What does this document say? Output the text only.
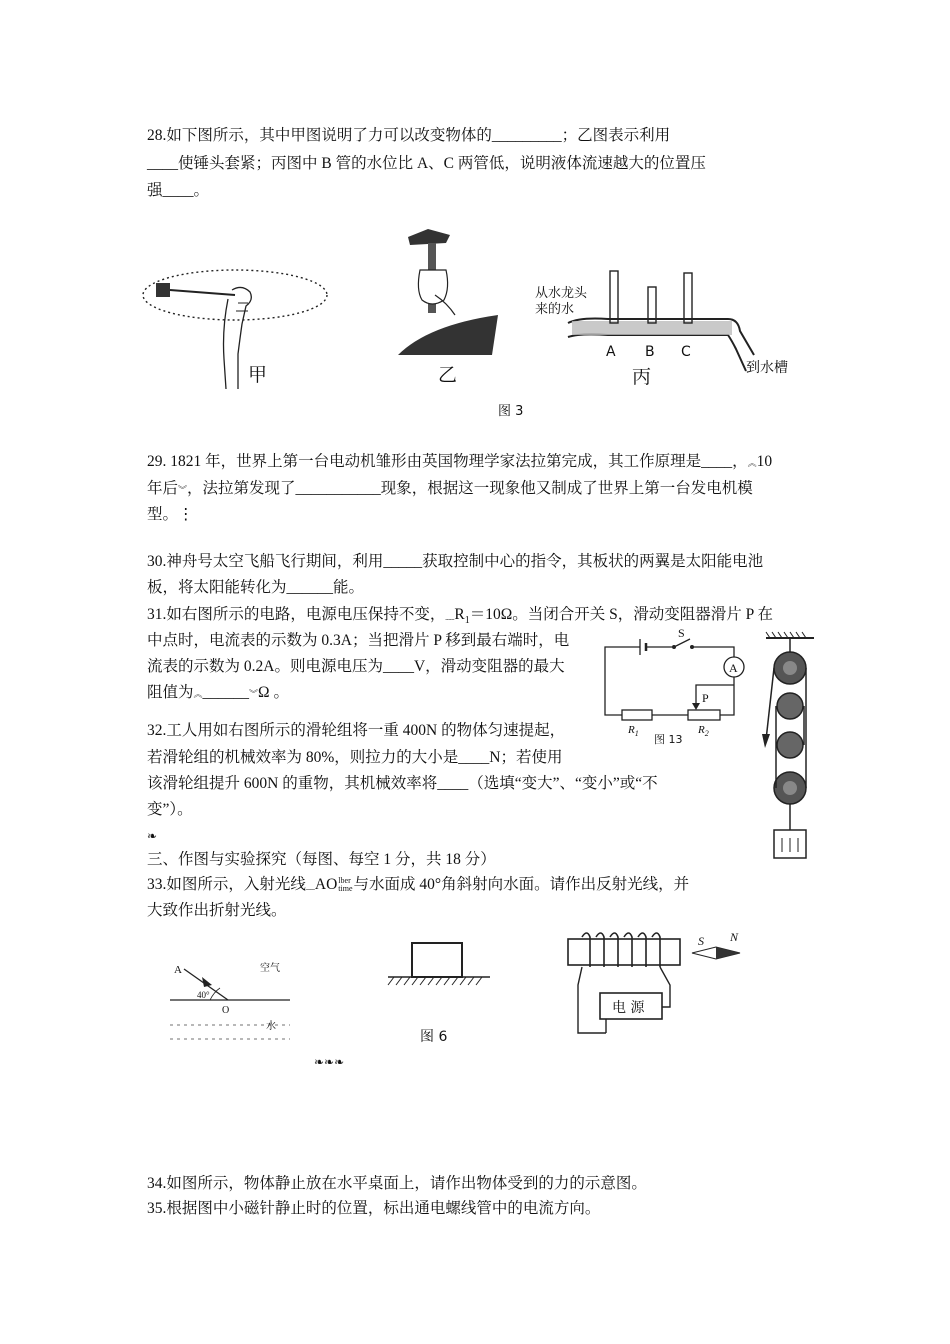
28.如下图所示，其中甲图说明了力可以改变物体的_________；乙图表示利用
____使锤头套紧；丙图中 B 管的水位比 A、C 两管低，说明液体流速越大的位置压
强____。
甲	乙
从水龙头
来的水
A B C
到水槽
丙
图 3
29. 1821 年，世界上第一台电动机雏形由英国物理学家法拉第完成，其工作原理是____，︽10
年后︾，法拉第发现了___________现象，根据这一现象他又制成了世界上第一台发电机模
型。⋮
30.神舟号太空飞船飞行期间，利用_____获取控制中心的指令，其板状的两翼是太阳能电池
板，将太阳能转化为______能。
31.如右图所示的电路，电源电压保持不变，$﹏R_1=10\Omega$。当闭合开关 S，滑动变阻器滑片 P 在
中点时，电流表的示数为 0.3A；当把滑片 P 移到最右端时，电
流表的示数为 0.2A。则电源电压为____V，滑动变阻器的最大
阻值为︽______︾Ω 。
A
S
P
$R_1$	$R_2$
图 13
32.工人用如右图所示的滑轮组将一重 400N 的物体匀速提起，
若滑轮组的机械效率为 80%，则拉力的大小是____N；若使用
该滑轮组提升 600N 的重物，其机械效率将____（选填“变大”、“变小”或“不
变”）。
❧
三、作图与实验探究（每图、每空 1 分，共 18 分）
33.如图所示，入射光线﹏AO lber
time 与水面成 40°角斜射向水面。请作出反射光线，并
大致作出折射光线。
A	空气
40°
O
水
图 6
电 源
S N
❧❧❧
34.如图所示，物体静止放在水平桌面上，请作出物体受到的力的示意图。
35.根据图中小磁针静止时的位置，标出通电螺线管中的电流方向。
